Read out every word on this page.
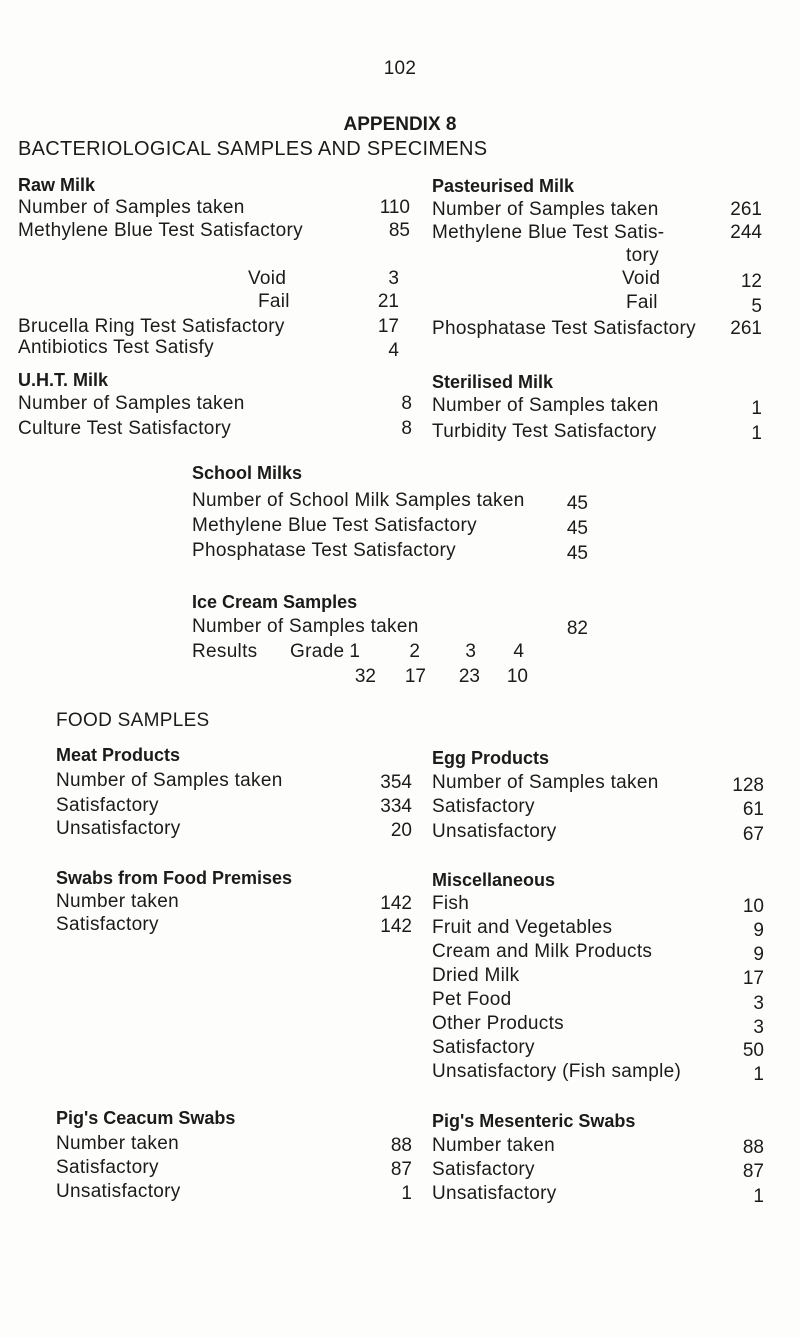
102
APPENDIX 8
BACTERIOLOGICAL SAMPLES AND SPECIMENS
Raw Milk
Number of Samples taken	110
Methylene Blue Test Satisfactory	85
Void	3
Fail	21
Brucella Ring Test Satisfactory	17
Antibiotics Test Satisfy	4
Pasteurised Milk
Number of Samples taken	261
Methylene Blue Test Satis-	244
tory
Void	12
Fail	5
Phosphatase Test Satisfactory	261
U.H.T. Milk
Number of Samples taken	8
Culture Test Satisfactory	8
Sterilised Milk
Number of Samples taken	1
Turbidity Test Satisfactory	1
School Milks
Number of School Milk Samples taken	45
Methylene Blue Test Satisfactory	45
Phosphatase Test Satisfactory	45
Ice Cream Samples
Number of Samples taken	82
Results Grade 1	2	3	4
32	17	23	10
FOOD SAMPLES
Meat Products
Number of Samples taken	354
Satisfactory	334
Unsatisfactory	20
Egg Products
Number of Samples taken	128
Satisfactory	61
Unsatisfactory	67
Swabs from Food Premises
Number taken	142
Satisfactory	142
Miscellaneous
Fish	10
Fruit and Vegetables	9
Cream and Milk Products	9
Dried Milk	17
Pet Food	3
Other Products	3
Satisfactory	50
Unsatisfactory (Fish sample)	1
Pig's Ceacum Swabs
Number taken	88
Satisfactory	87
Unsatisfactory	1
Pig's Mesenteric Swabs
Number taken	88
Satisfactory	87
Unsatisfactory	1
